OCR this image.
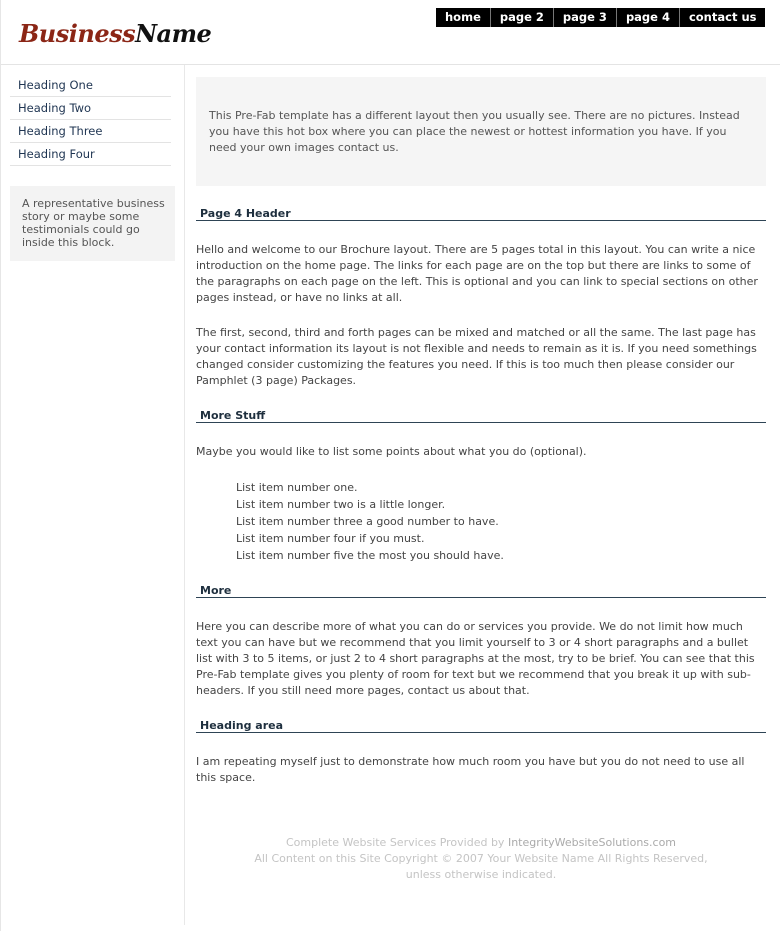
BusinessName
home	page 2	page 3	page 4	contact us
Heading One
Heading Two
Heading Three
Heading Four
A representative business story or maybe some testimonials could go inside this block.
This Pre-Fab template has a different layout then you usually see. There are no pictures. Instead you have this hot box where you can place the newest or hottest information you have. If you need your own images contact us.
Page 4 Header

Hello and welcome to our Brochure layout. There are 5 pages total in this layout. You can write a nice introduction on the home page. The links for each page are on the top but there are links to some of the paragraphs on each page on the left. This is optional and you can link to special sections on other pages instead, or have no links at all.

The first, second, third and forth pages can be mixed and matched or all the same. The last page has your contact information its layout is not flexible and needs to remain as it is. If you need somethings changed consider customizing the features you need. If this is too much then please consider our Pamphlet (3 page) Packages.

More Stuff

Maybe you would like to list some points about what you do (optional).

List item number one.
List item number two is a little longer.
List item number three a good number to have.
List item number four if you must.
List item number five the most you should have.
More

Here you can describe more of what you can do or services you provide. We do not limit how much text you can have but we recommend that you limit yourself to 3 or 4 short paragraphs and a bullet list with 3 to 5 items, or just 2 to 4 short paragraphs at the most, try to be brief. You can see that this Pre-Fab template gives you plenty of room for text but we recommend that you break it up with sub-headers. If you still need more pages, contact us about that.

Heading area

I am repeating myself just to demonstrate how much room you have but you do not need to use all this space.

Complete Website Services Provided by IntegrityWebsiteSolutions.com
All Content on this Site Copyright © 2007 Your Website Name All Rights Reserved,
unless otherwise indicated.
